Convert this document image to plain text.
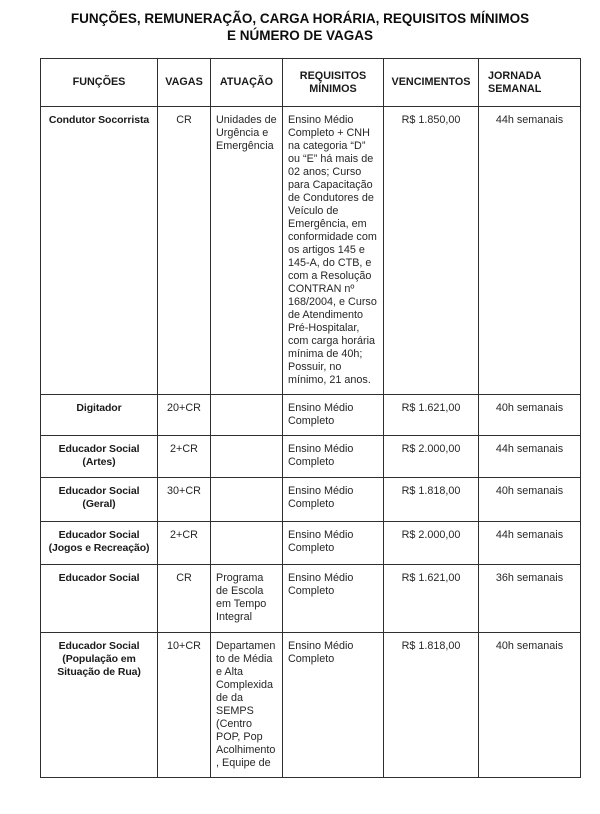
FUNÇÕES, REMUNERAÇÃO, CARGA HORÁRIA, REQUISITOS MÍNIMOS E NÚMERO DE VAGAS
FUNÇÕES	VAGAS	ATUAÇÃO	REQUISITOS MÍNIMOS	VENCIMENTOS	JORNADA SEMANAL
Condutor Socorrista	CR	Unidades de Urgência e Emergência	Ensino Médio Completo + CNH na categoria “D” ou “E” há mais de 02 anos; Curso para Capacitação de Condutores de Veículo de Emergência, em conformidade com os artigos 145 e 145-A, do CTB, e com a Resolução CONTRAN nº 168/2004, e Curso de Atendimento Pré-Hospitalar, com carga horária mínima de 40h; Possuir, no mínimo, 21 anos.	R$ 1.850,00	44h semanais
Digitador	20+CR		Ensino Médio Completo	R$ 1.621,00	40h semanais
Educador Social (Artes)	2+CR		Ensino Médio Completo	R$ 2.000,00	44h semanais
Educador Social (Geral)	30+CR		Ensino Médio Completo	R$ 1.818,00	40h semanais
Educador Social (Jogos e Recreação)	2+CR		Ensino Médio Completo	R$ 2.000,00	44h semanais
Educador Social	CR	Programa de Escola em Tempo Integral	Ensino Médio Completo	R$ 1.621,00	36h semanais
Educador Social (População em Situação de Rua)	10+CR	Departamento de Média e Alta Complexidade da SEMPS (Centro POP, Pop Acolhimento, Equipe de	Ensino Médio Completo	R$ 1.818,00	40h semanais
